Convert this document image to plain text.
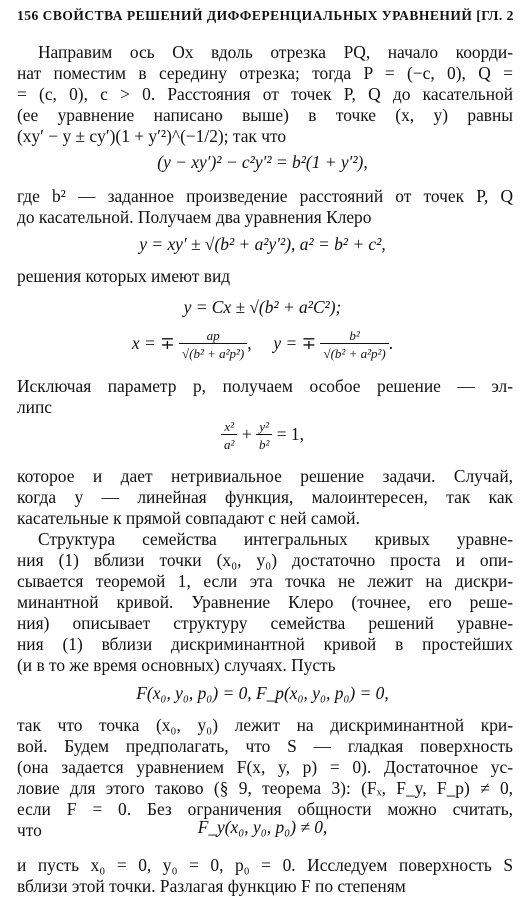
156 СВОЙСТВА РЕШЕНИЙ ДИФФЕРЕНЦИАЛЬНЫХ УРАВНЕНИЙ [ГЛ. 2
Направим ось Ox вдоль отрезка PQ, начало коорди-
нат поместим в середину отрезка; тогда P = (−c, 0), Q =
= (c, 0), c > 0. Расстояния от точек P, Q до касательной
(ее уравнение написано выше) в точке (x, y) равны
(xy′ − y ± cy′)(1 + y′²)^(−1/2); так что
(y − xy′)² − c²y′² = b²(1 + y′²),
где b² — заданное произведение расстояний от точек P, Q
до касательной. Получаем два уравнения Клеро
y = xy′ ± √(b² + a²y′²), a² = b² + c²,
решения которых имеют вид
y = Cx ± √(b² + a²C²);
x = ∓ $\frac{ap}{\text{√(b² + a²p²)}}$ , y = ∓ $\frac{\text{b²}}{\text{√(b² + a²p²)}}$ .
Исключая параметр p, получаем особое решение — эл-
липс
$\frac{\text{x²}}{\text{a²}} + \frac{\text{y²}}{\text{b²}} = 1$,
которое и дает нетривиальное решение задачи. Случай,
когда y — линейная функция, малоинтересен, так как
касательные к прямой совпадают с ней самой.
Структура семейства интегральных кривых уравне-
ния (1) вблизи точки (x₀, y₀) достаточно проста и опи-
сывается теоремой 1, если эта точка не лежит на дискри-
минантной кривой. Уравнение Клеро (точнее, его реше-
ния) описывает структуру семейства решений уравне-
ния (1) вблизи дискриминантной кривой в простейших
(и в то же время основных) случаях. Пусть
F(x₀, y₀, p₀) = 0, F_p(x₀, y₀, p₀) = 0,
так что точка (x₀, y₀) лежит на дискриминантной кри-
вой. Будем предполагать, что S — гладкая поверхность
(она задается уравнением F(x, y, p) = 0). Достаточное ус-
ловие для этого таково (§ 9, теорема 3): (Fₓ, F_y, F_p) ≠ 0,
если F = 0. Без ограничения общности можно считать,
что	F_y(x₀, y₀, p₀) ≠ 0,
и пусть x₀ = 0, y₀ = 0, p₀ = 0. Исследуем поверхность S
вблизи этой точки. Разлагая функцию F по степеням
